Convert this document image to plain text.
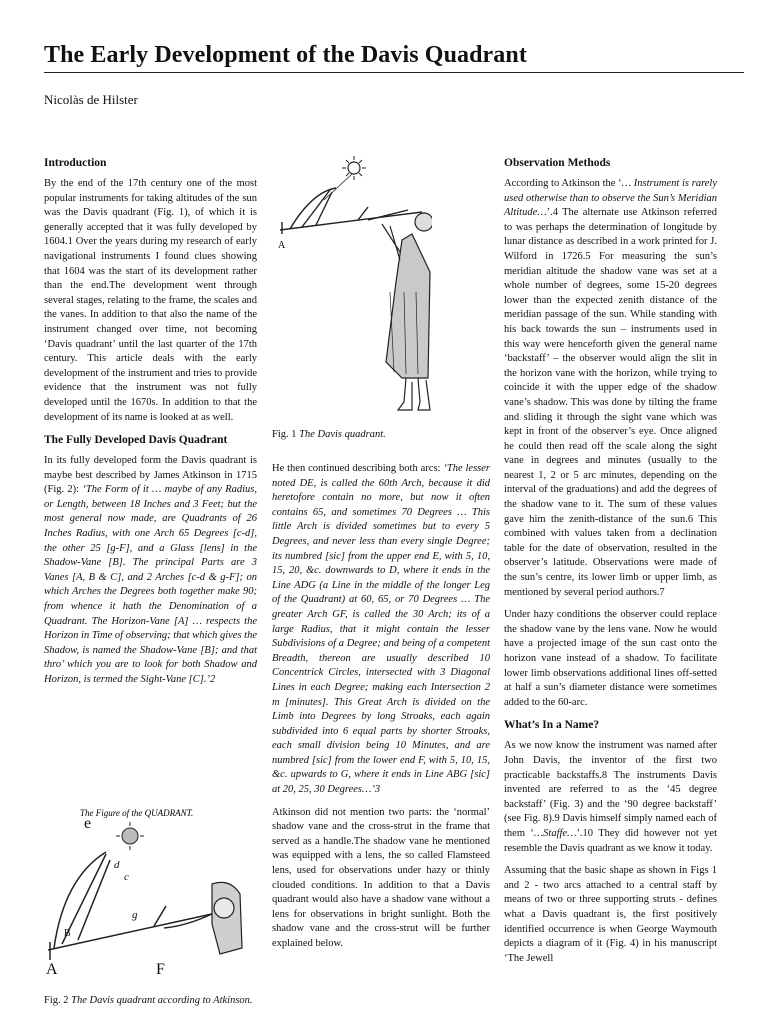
The Early Development of the Davis Quadrant
Nicolàs de Hilster
Introduction

By the end of the 17th century one of the most popular instruments for taking altitudes of the sun was the Davis quadrant (Fig. 1), of which it is generally accepted that it was fully developed by 1604.1 Over the years during my research of early navigational instruments I found clues showing that 1604 was the start of its development rather than the end.The development went through several stages, relating to the frame, the scales and the vanes. In addition to that also the name of the instrument changed over time, not becoming ‘Davis quadrant’ until the last quarter of the 17th century. This article deals with the early development of the instrument and tries to provide evidence that the instrument was not fully developed until the 1670s. In addition to that the development of its name is looked at as well.

The Fully Developed Davis Quadrant

In its fully developed form the Davis quadrant is maybe best described by James Atkinson in 1715 (Fig. 2): ‘The Form of it … maybe of any Radius, or Length, between 18 Inches and 3 Feet; but the most general now made, are Quadrants of 26 Inches Radius, with one Arch 65 Degrees [c-d], the other 25 [g-F], and a Glass [lens] in the Shadow-Vane [B]. The principal Parts are 3 Vanes [A, B & C], and 2 Arches [c-d & g-F]; on which Arches the Degrees both together make 90; from whence it hath the Denomination of a Quadrant. The Horizon-Vane [A] … respects the Horizon in Time of observing; that which gives the Shadow, is named the Shadow-Vane [B]; and that thro’ which you are to look for both Shadow and Horizon, is termed the Sight-Vane [C].’2

A
Fig. 1 The Davis quadrant.
The Figure of the QUADRANT.
e
A
B
d
c
g
F
Fig. 2 The Davis quadrant according to Atkinson.

He then continued describing both arcs: ‘The lesser noted DE, is called the 60th Arch, because it did heretofore contain no more, but now it often contains 65, and sometimes 70 Degrees … This little Arch is divided sometimes but to every 5 Degrees, and never less than every single Degree; its numbred [sic] from the upper end E, with 5, 10, 15, 20, &c. downwards to D, where it ends in the Line ADG (a Line in the middle of the longer Leg of the Quadrant) at 60, 65, or 70 Degrees … The greater Arch GF, is called the 30 Arch; its of a large Radius, that it might contain the lesser Subdivisions of a Degree; and being of a competent Breadth, thereon are usually described 10 Concentrick Circles, intersected with 3 Diagonal Lines in each Degree; making each Intersection 2 m [minutes]. This Great Arch is divided on the Limb into Degrees by long Stroaks, each again subdivided into 6 equal parts by shorter Stroaks, each small division being 10 Minutes, and are numbred [sic] from the lower end F, with 5, 10, 15, &c. upwards to G, where it ends in Line ABG [sic] at 20, 25, 30 Degrees…’3

Atkinson did not mention two parts: the ‘normal’ shadow vane and the cross-strut in the frame that served as a handle.The shadow vane he mentioned was equipped with a lens, the so called Flamsteed lens, used for observations under hazy or thinly clouded conditions. In addition to that a Davis quadrant would also have a shadow vane without a lens for observations in bright sunlight. Both the shadow vane and the cross-strut will be further explained below.

Observation Methods

According to Atkinson the ‘… Instrument is rarely used otherwise than to observe the Sun’s Meridian Altitude…’.4 The alternate use Atkinson referred to was perhaps the determination of longitude by lunar distance as described in a work printed for J. Wilford in 1726.5 For measuring the sun’s meridian altitude the shadow vane was set at a whole number of degrees, some 15-20 degrees lower than the expected zenith distance of the meridian passage of the sun. While standing with his back towards the sun – instruments used in this way were henceforth given the general name ‘backstaff’ – the observer would align the slit in the horizon vane with the horizon, while trying to coincide it with the upper edge of the shadow vane’s shadow. This was done by tilting the frame and sliding it through the sight vane which was kept in front of the observer’s eye. Once aligned he could then read off the scale along the sight vane in degrees and minutes (usually to the nearest 1, 2 or 5 arc minutes, depending on the interval of the graduations) and add the degrees of the shadow vane to it. The sum of these values gave him the zenith-distance of the sun.6 This combined with values taken from a declination table for the date of observation, resulted in the observer’s latitude. Observations were made of the sun’s centre, its lower limb or upper limb, as mentioned by several period authors.7

Under hazy conditions the observer could replace the shadow vane by the lens vane. Now he would have a projected image of the sun cast onto the horizon vane instead of a shadow. To facilitate lower limb observations additional lines off-setted at half a sun’s diameter distance were sometimes added to the 60-arc.

What’s In a Name?

As we now know the instrument was named after John Davis, the inventor of the first two practicable backstaffs.8 The instruments Davis invented are referred to as the ‘45 degree backstaff’ (Fig. 3) and the ‘90 degree backstaff’ (see Fig. 8).9 Davis himself simply named each of them ‘…Staffe…’.10 They did however not yet resemble the Davis quadrant as we know it today.

Assuming that the basic shape as shown in Figs 1 and 2 - two arcs attached to a central staff by means of two or three supporting struts - defines what a Davis quadrant is, the first positively identified occurrence is when George Waymouth depicts a diagram of it (Fig. 4) in his manuscript ‘The Jewell
